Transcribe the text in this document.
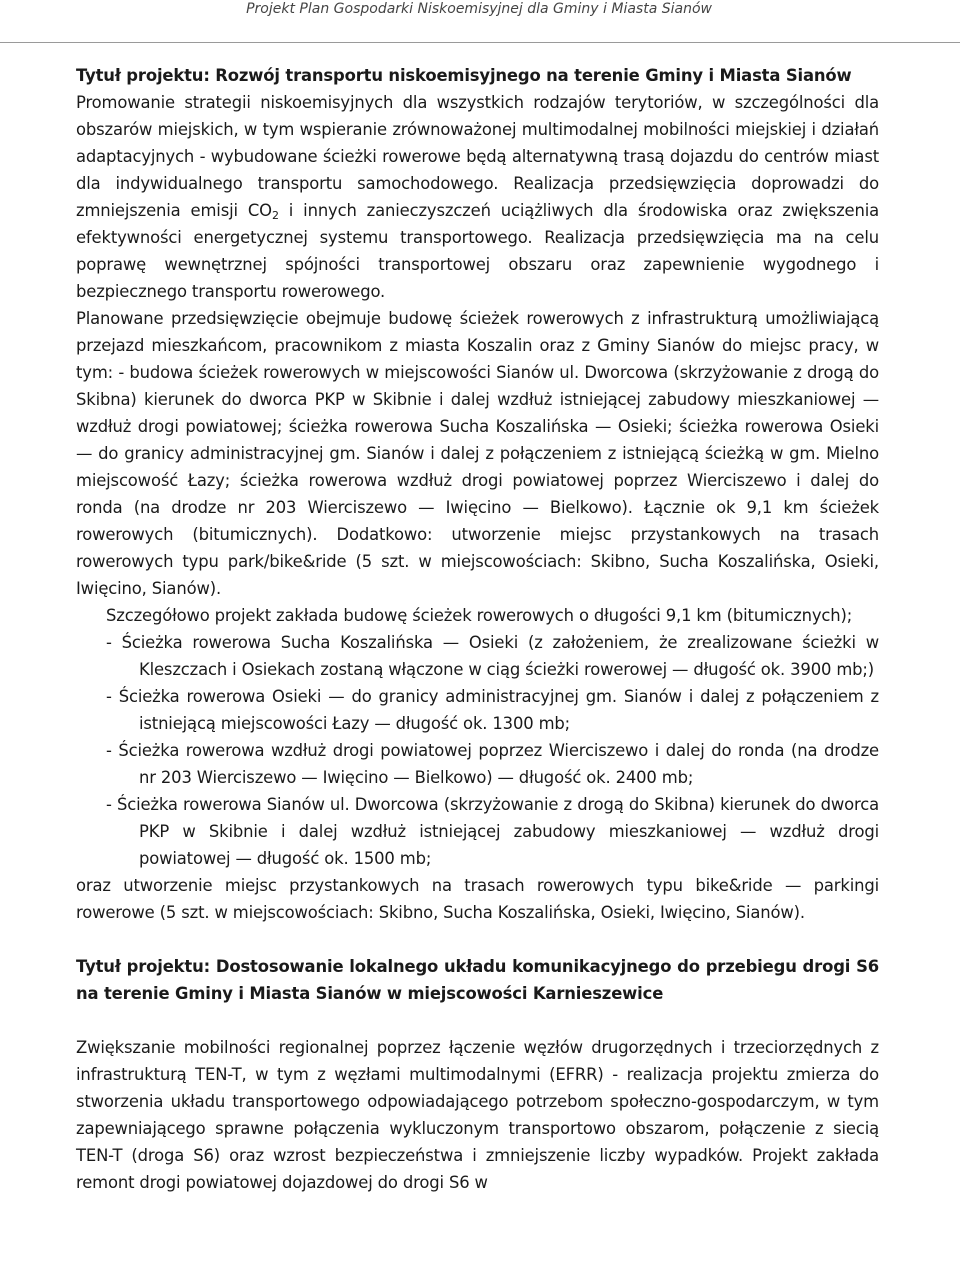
Projekt Plan Gospodarki Niskoemisyjnej dla Gminy i Miasta Sianów

Tytuł projektu: Rozwój transportu niskoemisyjnego na terenie Gminy i Miasta Sianów

Promowanie strategii niskoemisyjnych dla wszystkich rodzajów terytoriów, w szczególności dla obszarów miejskich, w tym wspieranie zrównoważonej multimodalnej mobilności miejskiej i działań adaptacyjnych - wybudowane ścieżki rowerowe będą alternatywną trasą dojazdu do centrów miast dla indywidualnego transportu samochodowego. Realizacja przedsięwzięcia doprowadzi do zmniejszenia emisji $CO_2$ i innych zanieczyszczeń uciążliwych dla środowiska oraz zwiększenia efektywności energetycznej systemu transportowego. Realizacja przedsięwzięcia ma na celu poprawę wewnętrznej spójności transportowej obszaru oraz zapewnienie wygodnego i bezpiecznego transportu rowerowego.

Planowane przedsięwzięcie obejmuje budowę ścieżek rowerowych z infrastrukturą umożliwiającą przejazd mieszkańcom, pracownikom z miasta Koszalin oraz z Gminy Sianów do miejsc pracy, w tym: - budowa ścieżek rowerowych w miejscowości Sianów ul. Dworcowa (skrzyżowanie z drogą do Skibna) kierunek do dworca PKP w Skibnie i dalej wzdłuż istniejącej zabudowy mieszkaniowej — wzdłuż drogi powiatowej; ścieżka rowerowa Sucha Koszalińska — Osieki; ścieżka rowerowa Osieki — do granicy administracyjnej gm. Sianów i dalej z połączeniem z istniejącą ścieżką w gm. Mielno miejscowość Łazy; ścieżka rowerowa wzdłuż drogi powiatowej poprzez Wierciszewo i dalej do ronda (na drodze nr 203 Wierciszewo — Iwięcino — Bielkowo). Łącznie ok 9,1 km ścieżek rowerowych (bitumicznych). Dodatkowo: utworzenie miejsc przystankowych na trasach rowerowych typu park/bike&ride (5 szt. w miejscowościach: Skibno, Sucha Koszalińska, Osieki, Iwięcino, Sianów).

Szczegółowo projekt zakłada budowę ścieżek rowerowych o długości 9,1 km (bitumicznych);

- Ścieżka rowerowa Sucha Koszalińska — Osieki (z założeniem, że zrealizowane ścieżki w Kleszczach i Osiekach zostaną włączone w ciąg ścieżki rowerowej — długość ok. 3900 mb;)

- Ścieżka rowerowa Osieki — do granicy administracyjnej gm. Sianów i dalej z połączeniem z istniejącą miejscowości Łazy — długość ok. 1300 mb;

- Ścieżka rowerowa wzdłuż drogi powiatowej poprzez Wierciszewo i dalej do ronda (na drodze nr 203 Wierciszewo — Iwięcino — Bielkowo) — długość ok. 2400 mb;

- Ścieżka rowerowa Sianów ul. Dworcowa (skrzyżowanie z drogą do Skibna) kierunek do dworca PKP w Skibnie i dalej wzdłuż istniejącej zabudowy mieszkaniowej — wzdłuż drogi powiatowej — długość ok. 1500 mb;

oraz utworzenie miejsc przystankowych na trasach rowerowych typu bike&ride — parkingi rowerowe (5 szt. w miejscowościach: Skibno, Sucha Koszalińska, Osieki, Iwięcino, Sianów).

Tytuł projektu: Dostosowanie lokalnego układu komunikacyjnego do przebiegu drogi S6 na terenie Gminy i Miasta Sianów w miejscowości Karnieszewice

Zwiększanie mobilności regionalnej poprzez łączenie węzłów drugorzędnych i trzeciorzędnych z infrastrukturą TEN-T, w tym z węzłami multimodalnymi (EFRR) - realizacja projektu zmierza do stworzenia układu transportowego odpowiadającego potrzebom społeczno-gospodarczym, w tym zapewniającego sprawne połączenia wykluczonym transportowo obszarom, połączenie z siecią TEN-T (droga S6) oraz wzrost bezpieczeństwa i zmniejszenie liczby wypadków. Projekt zakłada remont drogi powiatowej dojazdowej do drogi S6 w
